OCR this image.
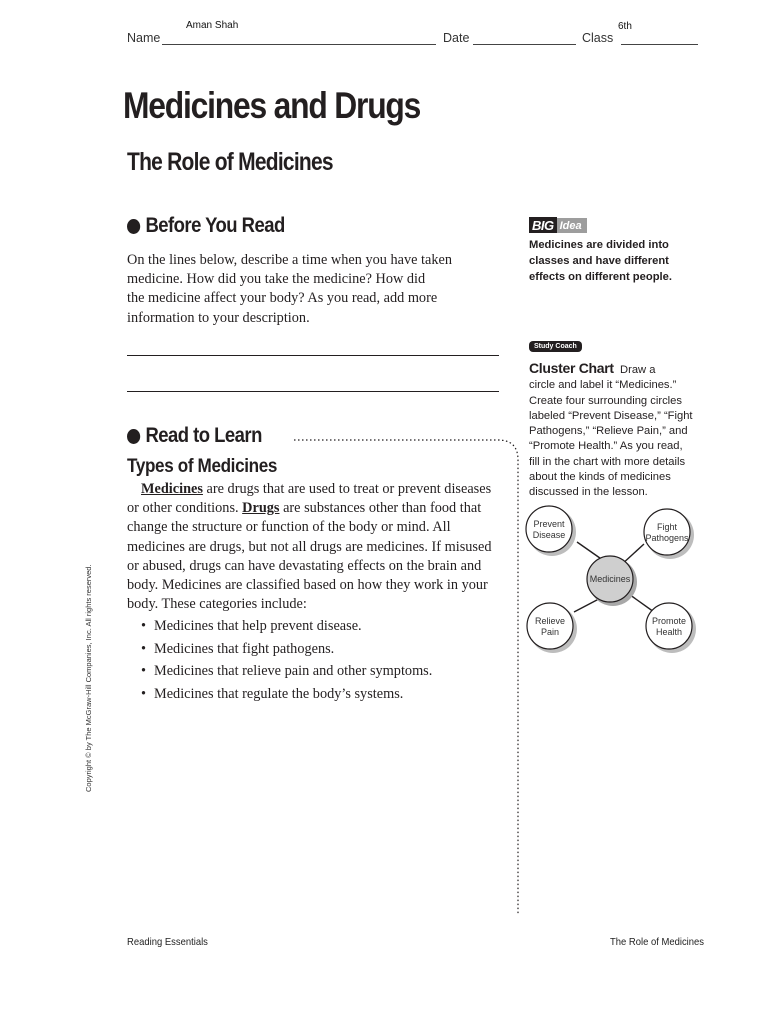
Aman Shah	6th
Name	Date	Class
Medicines and Drugs
The Role of Medicines
Before You Read
On the lines below, describe a time when you have taken
medicine. How did you take the medicine? How did
the medicine affect your body? As you read, add more
information to your description.
Read to Learn
Types of Medicines
Medicines are drugs that are used to treat or prevent diseases or other conditions. Drugs are substances other than food that change the structure or function of the body or mind. All medicines are drugs, but not all drugs are medicines. If misused or abused, drugs can have devastating effects on the brain and body. Medicines are classified based on how they work in your body. These categories include:
• Medicines that help prevent disease.
• Medicines that fight pathogens.
• Medicines that relieve pain and other symptoms.
• Medicines that regulate the body’s systems.
BIG Idea
Medicines are divided into
classes and have different
effects on different people.
Study Coach
Cluster Chart Draw a
circle and label it “Medicines.”
Create four surrounding circles
labeled “Prevent Disease,” “Fight
Pathogens,” “Relieve Pain,” and
“Promote Health.” As you read,
fill in the chart with more details
about the kinds of medicines
discussed in the lesson.
Prevent
Disease
Fight
Pathogens
Medicines
Relieve
Pain
Promote
Health
Copyright © by The McGraw-Hill Companies, Inc. All rights reserved.
Reading Essentials	The Role of Medicines
